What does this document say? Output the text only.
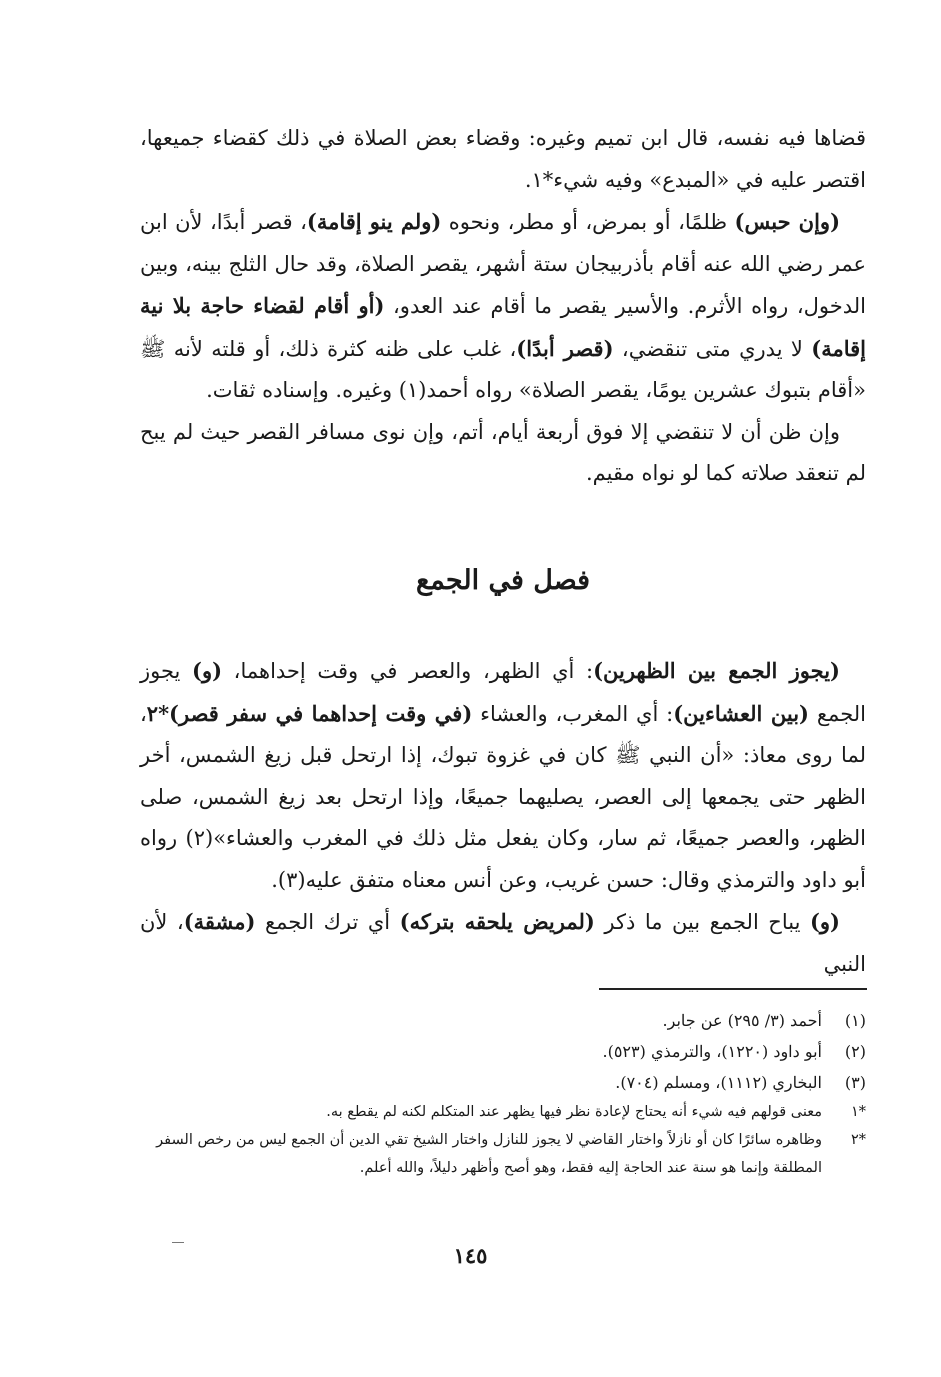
قضاها فيه نفسه، قال ابن تميم وغيره: وقضاء بعض الصلاة في ذلك كقضاء جميعها، اقتصر عليه في «المبدع» وفيه شيء*١.

(وإن حبس) ظلمًا، أو بمرض، أو مطر، ونحوه (ولم ينو إقامة)، قصر أبدًا، لأن ابن عمر رضي الله عنه أقام بأذربيجان ستة أشهر، يقصر الصلاة، وقد حال الثلج بينه، وبين الدخول، رواه الأثرم. والأسير يقصر ما أقام عند العدو، (أو أقام لقضاء حاجة بلا نية إقامة) لا يدري متى تنقضي، (قصر أبدًا)، غلب على ظنه كثرة ذلك، أو قلته لأنه ﷺ «أقام بتبوك عشرين يومًا، يقصر الصلاة» رواه أحمد(١) وغيره. وإسناده ثقات.

وإن ظن أن لا تنقضي إلا فوق أربعة أيام، أتم، وإن نوى مسافر القصر حيث لم يبح لم تنعقد صلاته كما لو نواه مقيم.

فصل في الجمع

(يجوز الجمع بين الظهرين): أي الظهر، والعصر في وقت إحداهما، (و) يجوز الجمع (بين العشاءين): أي المغرب، والعشاء (في وقت إحداهما في سفر قصر)*٢، لما روى معاذ: «أن النبي ﷺ كان في غزوة تبوك، إذا ارتحل قبل زيغ الشمس، أخر الظهر حتى يجمعها إلى العصر، يصليهما جميعًا، وإذا ارتحل بعد زيغ الشمس، صلى الظهر، والعصر جميعًا، ثم سار، وكان يفعل مثل ذلك في المغرب والعشاء»(٢) رواه أبو داود والترمذي وقال: حسن غريب، وعن أنس معناه متفق عليه(٣).

(و) يباح الجمع بين ما ذكر (لمريض يلحقه بتركه) أي ترك الجمع (مشقة)، لأن النبي

(١)
أحمد (٣/ ٢٩٥) عن جابر.
(٢)
أبو داود (١٢٢٠)، والترمذي (٥٢٣).
(٣)
البخاري (١١١٢)، ومسلم (٧٠٤).
*١
معنى قولهم فيه شيء أنه يحتاج لإعادة نظر فيها يظهر عند المتكلم لكنه لم يقطع به.
*٢
وظاهره سائرًا كان أو نازلاً واختار القاضي لا يجوز للنازل واختار الشيخ تقي الدين أن الجمع ليس من رخص السفر المطلقة وإنما هو سنة عند الحاجة إليه فقط، وهو أصح وأظهر دليلاً، والله أعلم.
١٤٥
